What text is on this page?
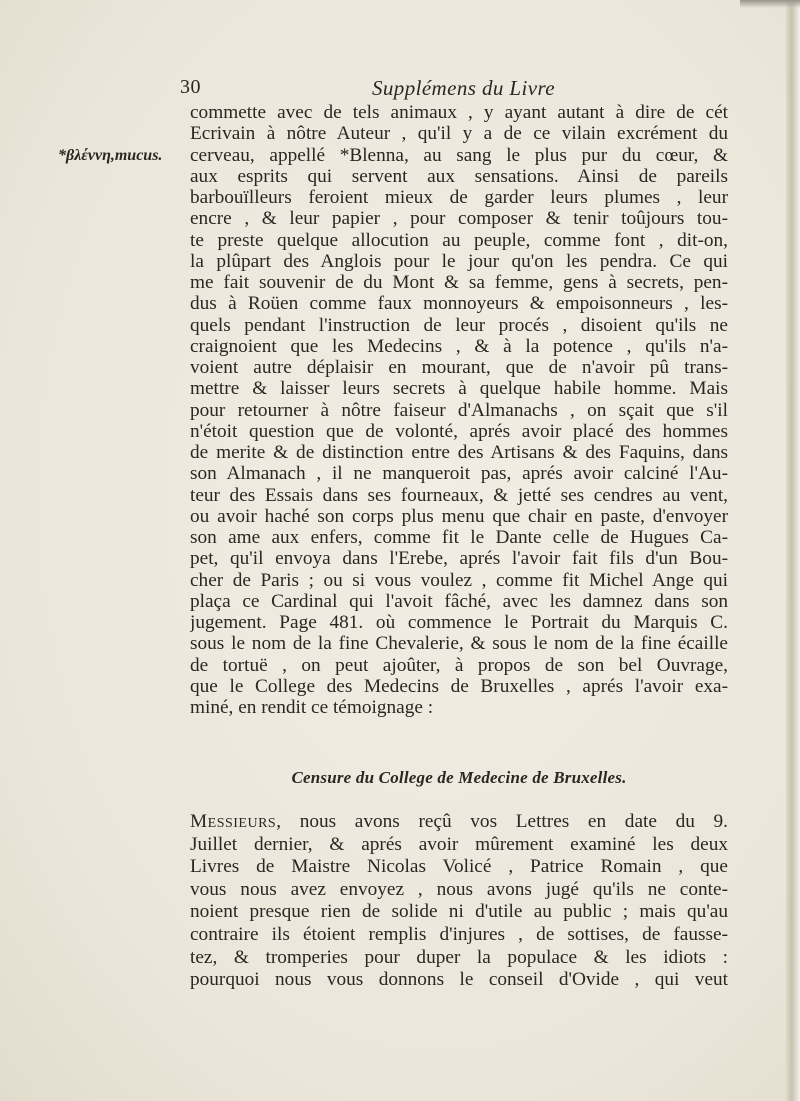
30	Supplémens du Livre
*βλέννη,mucus.
commette avec de tels animaux , y ayant autant à dire de cét
Ecrivain à nôtre Auteur , qu'il y a de ce vilain excrément du
cerveau, appellé *Blenna, au sang le plus pur du cœur, &
aux esprits qui servent aux sensations. Ainsi de pareils
barbouïlleurs feroient mieux de garder leurs plumes , leur
encre , & leur papier , pour composer & tenir toûjours tou-
te preste quelque allocution au peuple, comme font , dit-on,
la plûpart des Anglois pour le jour qu'on les pendra. Ce qui
me fait souvenir de du Mont & sa femme, gens à secrets, pen-
dus à Roüen comme faux monnoyeurs & empoisonneurs , les-
quels pendant l'instruction de leur procés , disoient qu'ils ne
craignoient que les Medecins , & à la potence , qu'ils n'a-
voient autre déplaisir en mourant, que de n'avoir pû trans-
mettre & laisser leurs secrets à quelque habile homme. Mais
pour retourner à nôtre faiseur d'Almanachs , on sçait que s'il
n'étoit question que de volonté, aprés avoir placé des hommes
de merite & de distinction entre des Artisans & des Faquins, dans
son Almanach , il ne manqueroit pas, aprés avoir calciné l'Au-
teur des Essais dans ses fourneaux, & jetté ses cendres au vent,
ou avoir haché son corps plus menu que chair en paste, d'envoyer
son ame aux enfers, comme fit le Dante celle de Hugues Ca-
pet, qu'il envoya dans l'Erebe, aprés l'avoir fait fils d'un Bou-
cher de Paris ; ou si vous voulez , comme fit Michel Ange qui
plaça ce Cardinal qui l'avoit fâché, avec les damnez dans son
jugement. Page 481. où commence le Portrait du Marquis C.
sous le nom de la fine Chevalerie, & sous le nom de la fine écaille
de tortuë , on peut ajoûter, à propos de son bel Ouvrage,
que le College des Medecins de Bruxelles , aprés l'avoir exa-
miné, en rendit ce témoignage :
Censure du College de Medecine de Bruxelles.
Messieurs, nous avons reçû vos Lettres en date du 9.
Juillet dernier, & aprés avoir mûrement examiné les deux
Livres de Maistre Nicolas Volicé , Patrice Romain , que
vous nous avez envoyez , nous avons jugé qu'ils ne conte-
noient presque rien de solide ni d'utile au public ; mais qu'au
contraire ils étoient remplis d'injures , de sottises, de fausse-
tez, & tromperies pour duper la populace & les idiots :
pourquoi nous vous donnons le conseil d'Ovide , qui veut
